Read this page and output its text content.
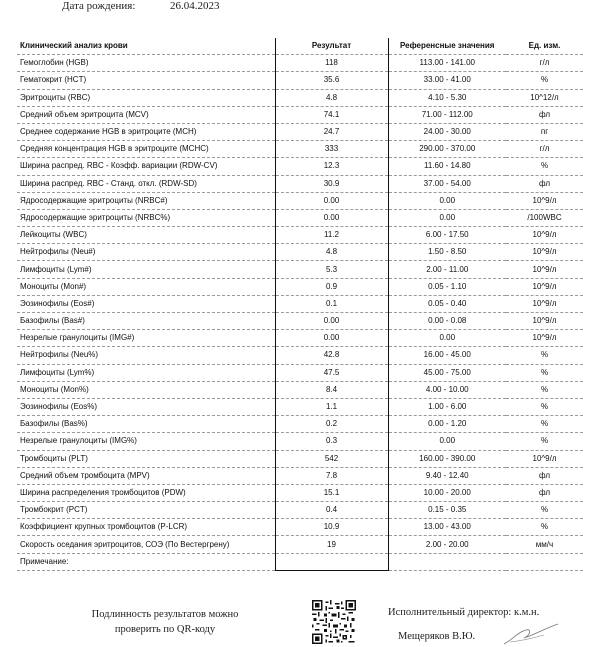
Дата рождения:	26.04.2023
Клинический анализ крови	Результат	Референсные значения	Ед. изм.
Гемоглобин (HGB)	118	113.00 - 141.00	г/л
Гематокрит (HCT)	35.6	33.00 - 41.00	%
Эритроциты (RBC)	4.8	4.10 - 5.30	10^12/л
Средний объем эритроцита (MCV)	74.1	71.00 - 112.00	фл
Среднее содержание HGB в эритроците (MCH)	24.7	24.00 - 30.00	пг
Средняя концентрация HGB в эритроците (MCHC)	333	290.00 - 370.00	г/л
Ширина распред. RBC - Коэфф. вариации (RDW-CV)	12.3	11.60 - 14.80	%
Ширина распред. RBC - Станд. откл. (RDW-SD)	30.9	37.00 - 54.00	фл
Ядросодержащие эритроциты (NRBC#)	0.00	0.00	10^9/л
Ядросодержащие эритроциты (NRBC%)	0.00	0.00	/100WBC
Лейкоциты (WBC)	11.2	6.00 - 17.50	10^9/л
Нейтрофилы (Neu#)	4.8	1.50 - 8.50	10^9/л
Лимфоциты (Lym#)	5.3	2.00 - 11.00	10^9/л
Моноциты (Mon#)	0.9	0.05 - 1.10	10^9/л
Эозинофилы (Eos#)	0.1	0.05 - 0.40	10^9/л
Базофилы (Bas#)	0.00	0.00 - 0.08	10^9/л
Незрелые гранулоциты (IMG#)	0.00	0.00	10^9/л
Нейтрофилы (Neu%)	42.8	16.00 - 45.00	%
Лимфоциты (Lym%)	47.5	45.00 - 75.00	%
Моноциты (Mon%)	8.4	4.00 - 10.00	%
Эозинофилы (Eos%)	1.1	1.00 - 6.00	%
Базофилы (Bas%)	0.2	0.00 - 1.20	%
Незрелые гранулоциты (IMG%)	0.3	0.00	%
Тромбоциты (PLT)	542	160.00 - 390.00	10^9/л
Средний объем тромбоцита (MPV)	7.8	9.40 - 12.40	фл
Ширина распределения тромбоцитов (PDW)	15.1	10.00 - 20.00	фл
Тромбокрит (PCT)	0.4	0.15 - 0.35	%
Коэффициент крупных тромбоцитов (P-LCR)	10.9	13.00 - 43.00	%
Скорость оседания эритроцитов, СОЭ (По Вестергрену)	19	2.00 - 20.00	мм/ч
Примечание:			
Подлинность результатов можно
проверить по QR-коду
Исполнительный директор: к.м.н.
Мещеряков В.Ю.
